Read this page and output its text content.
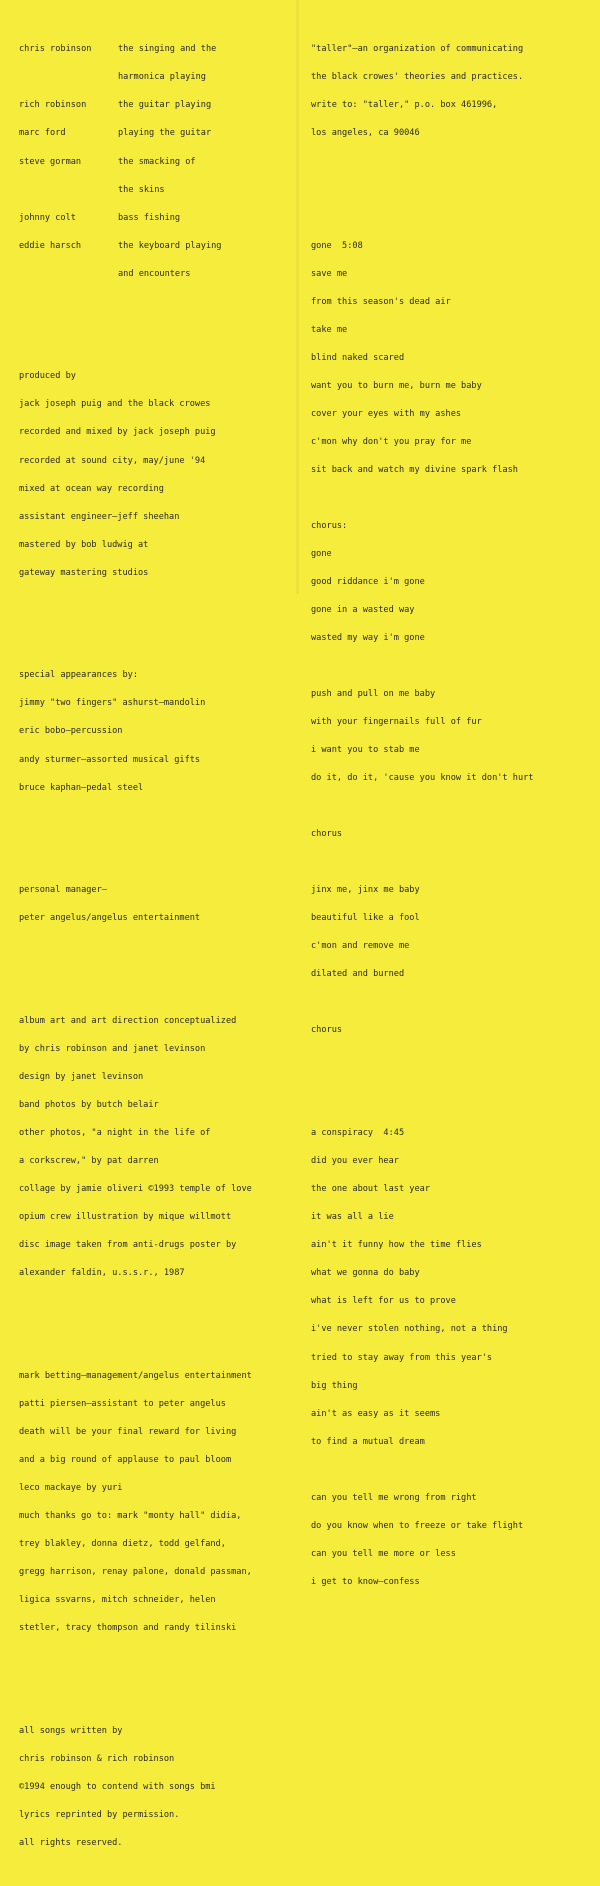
chris robinson	the singing and the

harmonica playing

rich robinson	the guitar playing

marc ford	playing the guitar

steve gorman	the smacking of

the skins

johnny colt	bass fishing

eddie harsch	the keyboard playing

and encounters

produced by

jack joseph puig and the black crowes

recorded and mixed by jack joseph puig

recorded at sound city, may/june '94

mixed at ocean way recording

assistant engineer—jeff sheehan

mastered by bob ludwig at

gateway mastering studios

special appearances by:

jimmy "two fingers" ashurst—mandolin

eric bobo—percussion

andy sturmer—assorted musical gifts

bruce kaphan—pedal steel

personal manager—

peter angelus/angelus entertainment

album art and art direction conceptualized

by chris robinson and janet levinson

design by janet levinson

band photos by butch belair

other photos, "a night in the life of

a corkscrew," by pat darren

collage by jamie oliveri ©1993 temple of love

opium crew illustration by mique willmott

disc image taken from anti-drugs poster by

alexander faldin, u.s.s.r., 1987

mark betting—management/angelus entertainment

patti piersen—assistant to peter angelus

death will be your final reward for living

and a big round of applause to paul bloom

leco mackaye by yuri

much thanks go to: mark "monty hall" didia,

trey blakley, donna dietz, todd gelfand,

gregg harrison, renay palone, donald passman,

ligica ssvarns, mitch schneider, helen

stetler, tracy thompson and randy tilinski

all songs written by

chris robinson & rich robinson

©1994 enough to contend with songs bmi

lyrics reprinted by permission.

all rights reserved.

"taller"—an organization of communicating

the black crowes' theories and practices.

write to: "taller," p.o. box 461996,

los angeles, ca 90046

gone  5:08

save me

from this season's dead air

take me

blind naked scared

want you to burn me, burn me baby

cover your eyes with my ashes

c'mon why don't you pray for me

sit back and watch my divine spark flash

chorus:

gone

good riddance i'm gone

gone in a wasted way

wasted my way i'm gone

push and pull on me baby

with your fingernails full of fur

i want you to stab me

do it, do it, 'cause you know it don't hurt

chorus

jinx me, jinx me baby

beautiful like a fool

c'mon and remove me

dilated and burned

chorus

a conspiracy  4:45

did you ever hear

the one about last year

it was all a lie

ain't it funny how the time flies

what we gonna do baby

what is left for us to prove

i've never stolen nothing, not a thing

tried to stay away from this year's

big thing

ain't as easy as it seems

to find a mutual dream

can you tell me wrong from right

do you know when to freeze or take flight

can you tell me more or less

i get to know—confess
